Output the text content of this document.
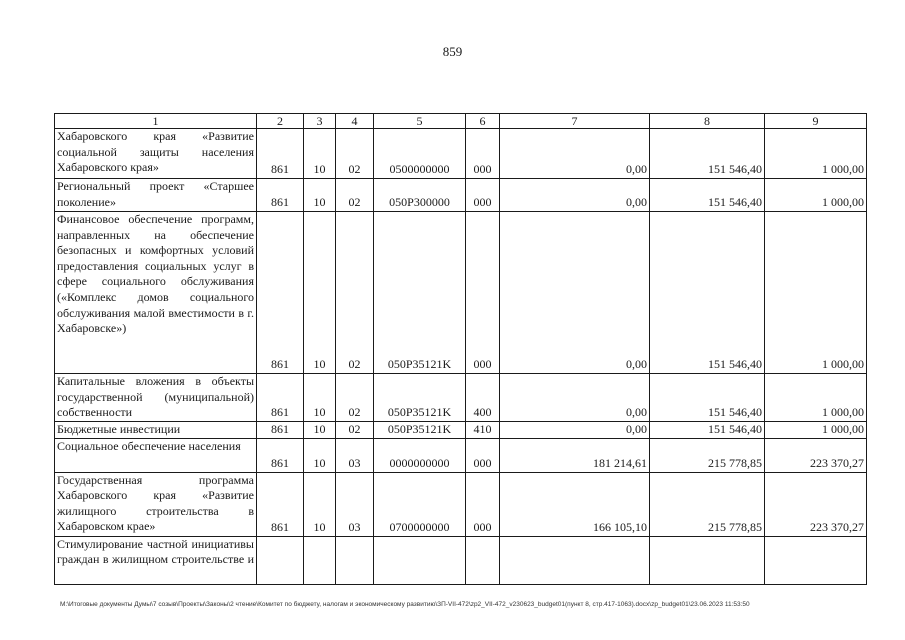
859
1	2	3	4	5	6	7	8	9
Хабаровского края «Развитие социальной защиты населения Хабаровского края»	861	10	02	0500000000	000	0,00	151 546,40	1 000,00
Региональный проект «Старшее поколение»	861	10	02	050P300000	000	0,00	151 546,40	1 000,00
Финансовое обеспечение программ, направленных на обеспечение безопасных и комфортных условий предоставления социальных услуг в сфере социального обслуживания («Комплекс домов социального обслуживания малой вместимости в г. Хабаровске»)	861	10	02	050P35121K	000	0,00	151 546,40	1 000,00
Капитальные вложения в объекты государственной (муниципальной) собственности	861	10	02	050P35121K	400	0,00	151 546,40	1 000,00
Бюджетные инвестиции	861	10	02	050P35121K	410	0,00	151 546,40	1 000,00
Социальное обеспечение населения	861	10	03	0000000000	000	181 214,61	215 778,85	223 370,27
Государственная программа Хабаровского края «Развитие жилищного строительства в Хабаровском крае»	861	10	03	0700000000	000	166 105,10	215 778,85	223 370,27
Стимулирование частной инициативы граждан в жилищном строительстве и								
M:\Итоговые документы Думы\7 созыв\Проекты\Законы\2 чтение\Комитет по бюджету, налогам и экономическому развитию\ЗП-VII-472\zp2_VII-472_v230623_budget01(пункт 8, стр.417-1063).docx\zp_budget01\23.06.2023 11:53:50
